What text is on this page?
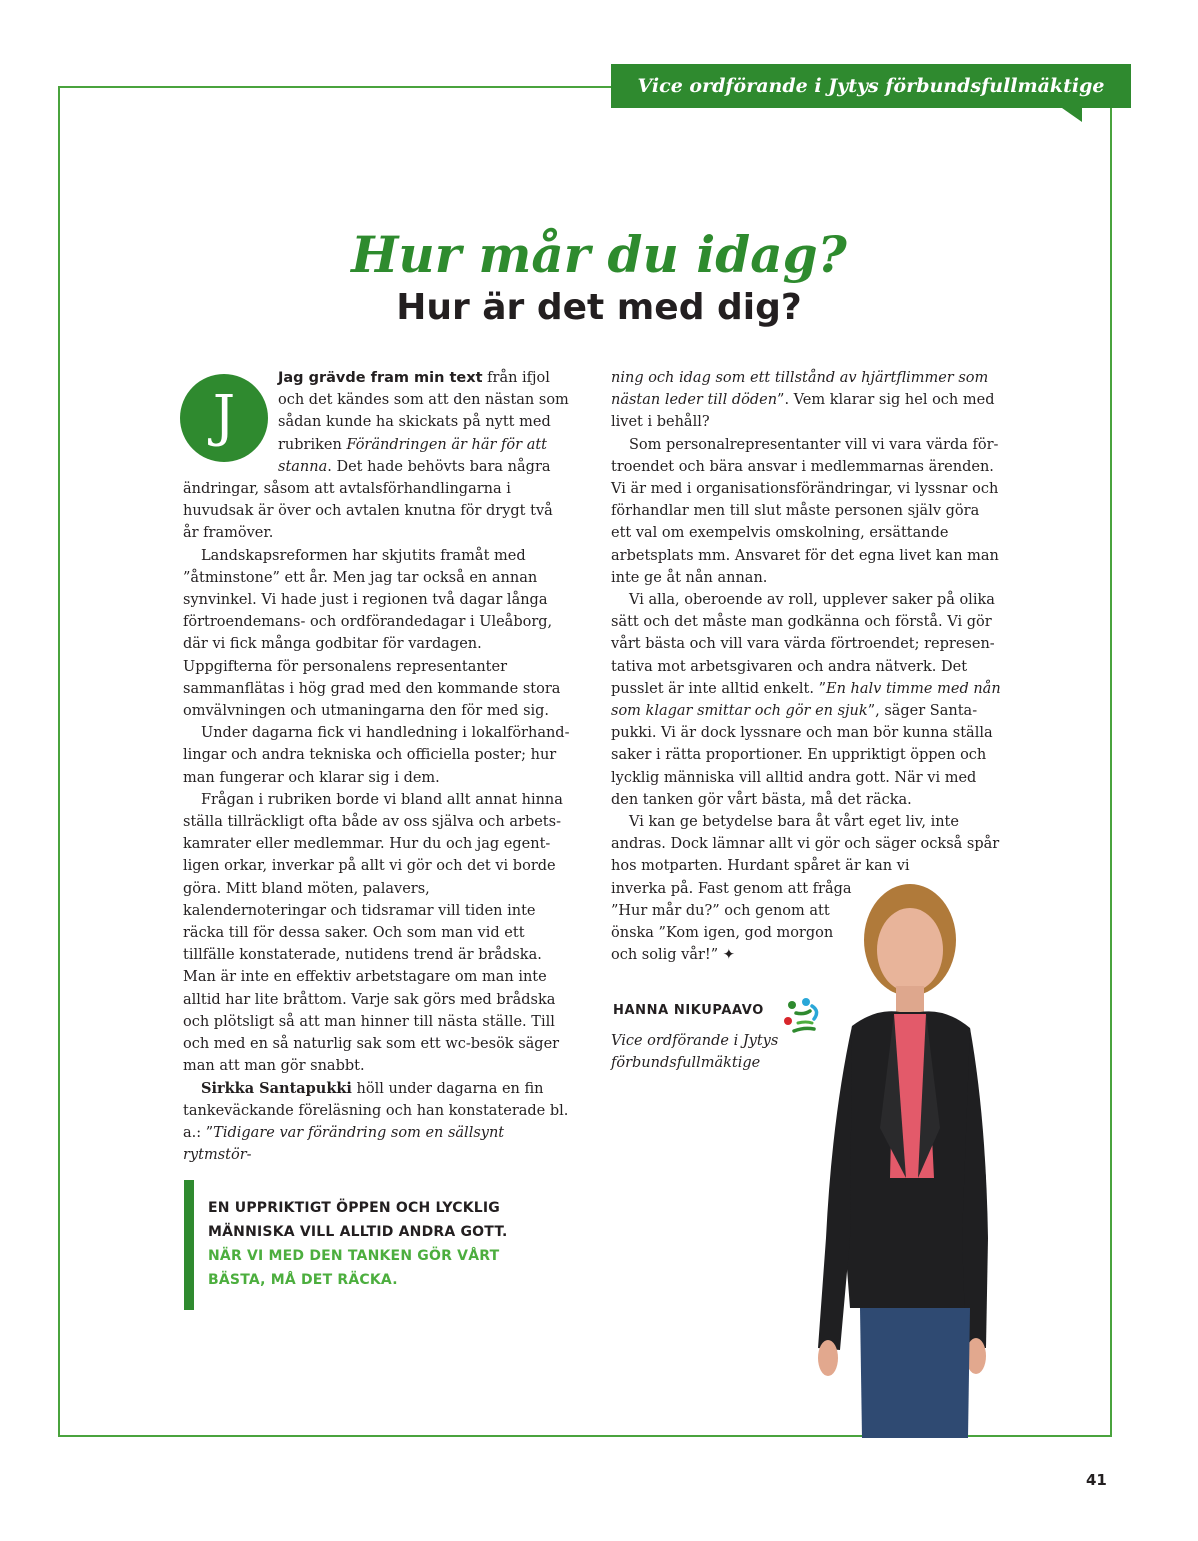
Vice ordförande i Jytys förbundsfullmäktige
Hur mår du idag?
Hur är det med dig?
J

Jag grävde fram min text från ifjol och det kändes som att den nästan som sådan kunde ha skickats på nytt med rubriken Förändringen är här för att stanna. Det hade behövts bara några ändringar, såsom att avtalsförhandlingarna i huvudsak är över och avtalen knutna för drygt två år framöver.

Landskapsreformen har skjutits framåt med ”åtminstone” ett år. Men jag tar också en annan synvinkel. Vi hade just i regionen två dagar långa förtroendemans- och ordförandedagar i Uleåborg, där vi fick många godbitar för vardagen. Uppgifterna för personalens representanter sammanflätas i hög grad med den kommande stora omvälvningen och utmaningarna den för med sig.

Under dagarna fick vi handledning i lokalförhandlingar och andra tekniska och officiella poster; hur man fungerar och klarar sig i dem.

Frågan i rubriken borde vi bland allt annat hinna ställa tillräckligt ofta både av oss själva och arbetskamrater eller medlemmar. Hur du och jag egentligen orkar, inverkar på allt vi gör och det vi borde göra. Mitt bland möten, palavers, kalendernoteringar och tidsramar vill tiden inte räcka till för dessa saker. Och som man vid ett tillfälle konstaterade, nutidens trend är brådska. Man är inte en effektiv arbetstagare om man inte alltid har lite bråttom. Varje sak görs med brådska och plötsligt så att man hinner till nästa ställe. Till och med en så naturlig sak som ett wc-besök säger man att man gör snabbt.

Sirkka Santapukki höll under dagarna en fin tankeväckande föreläsning och han konstaterade bl. a.: ”Tidigare var förändring som en sällsynt rytmstör-

ning och idag som ett tillstånd av hjärtflimmer som nästan leder till döden”. Vem klarar sig hel och med livet i behåll?

Som personalrepresentanter vill vi vara värda förtroendet och bära ansvar i medlemmarnas ärenden. Vi är med i organisationsförändringar, vi lyssnar och förhandlar men till slut måste personen själv göra ett val om exempelvis omskolning, ersättande arbetsplats mm. Ansvaret för det egna livet kan man inte ge åt nån annan.

Vi alla, oberoende av roll, upplever saker på olika sätt och det måste man godkänna och förstå. Vi gör vårt bästa och vill vara värda förtroendet; representativa mot arbetsgivaren och andra nätverk. Det pusslet är inte alltid enkelt. ”En halv timme med nån som klagar smittar och gör en sjuk”, säger Santapukki. Vi är dock lyssnare och man bör kunna ställa saker i rätta proportioner. En uppriktigt öppen och lycklig människa vill alltid andra gott. När vi med den tanken gör vårt bästa, må det räcka.

Vi kan ge betydelse bara åt vårt eget liv, inte andras. Dock lämnar allt vi gör och säger också spår hos motparten. Hurdant spåret är kan vi
inverka på. Fast genom att fråga
”Hur mår du?” och genom att
önska ”Kom igen, god morgon
och solig vår!” ✦

EN UPPRIKTIGT ÖPPEN OCH LYCKLIG MÄNNISKA VILL ALLTID ANDRA GOTT.
NÄR VI MED DEN TANKEN GÖR VÅRT BÄSTA, MÅ DET RÄCKA.
HANNA NIKUPAAVO
Vice ordförande i Jytys förbundsfullmäktige
41
